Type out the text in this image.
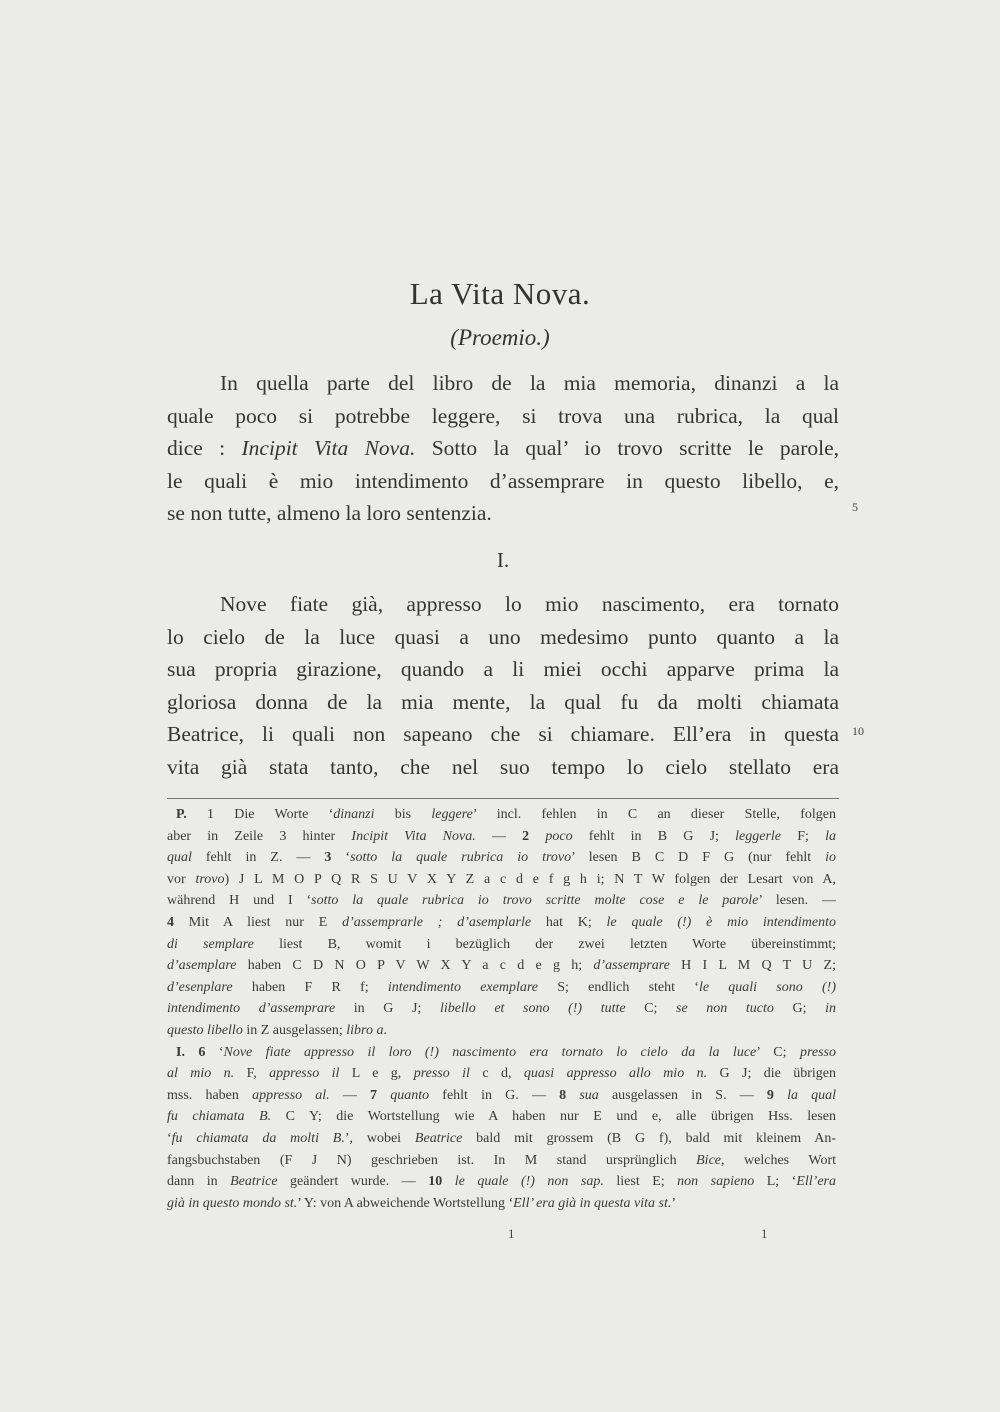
La Vita Nova.
(Proemio.)
In quella parte del libro de la mia memoria, dinanzi a la
quale poco si potrebbe leggere, si trova una rubrica, la qual
dice : Incipit Vita Nova. Sotto la qual’ io trovo scritte le parole,
le quali è mio intendimento d’assemprare in questo libello, e,
se non tutte, almeno la loro sentenzia.	5
I.
Nove fiate già, appresso lo mio nascimento, era tornato
lo cielo de la luce quasi a uno medesimo punto quanto a la
sua propria girazione, quando a li miei occhi apparve prima la
gloriosa donna de la mia mente, la qual fu da molti chiamata
Beatrice, li quali non sapeano che si chiamare. Ell’era in questa
vita già stata tanto, che nel suo tempo lo cielo stellato era
10
P. 1 Die Worte ‘dinanzi bis leggere’ incl. fehlen in C an dieser Stelle, folgen
aber in Zeile 3 hinter Incipit Vita Nova. — 2 poco fehlt in B G J; leggerle F; la
qual fehlt in Z. — 3 ‘sotto la quale rubrica io trovo’ lesen B C D F G (nur fehlt io
vor trovo) J L M O P Q R S U V X Y Z a c d e f g h i; N T W folgen der Lesart von A,
während H und I ‘sotto la quale rubrica io trovo scritte molte cose e le parole’ lesen. —
4 Mit A liest nur E d’assemprarle ; d’asemplarle hat K; le quale (!) è mio intendimento
di semplare liest B, womit i bezüglich der zwei letzten Worte übereinstimmt;
d’asemplare haben C D N O P V W X Y a c d e g h; d’assemprare H I L M Q T U Z;
d’esenplare haben F R f; intendimento exemplare S; endlich steht ‘le quali sono (!)
intendimento d’assemprare in G J; libello et sono (!) tutte C; se non tucto G; in
questo libello in Z ausgelassen; libro a.
I. 6 ‘Nove fiate appresso il loro (!) nascimento era tornato lo cielo da la luce’ C; presso
al mio n. F, appresso il L e g, presso il c d, quasi appresso allo mio n. G J; die übrigen
mss. haben appresso al. — 7 quanto fehlt in G. — 8 sua ausgelassen in S. — 9 la qual
fu chiamata B. C Y; die Wortstellung wie A haben nur E und e, alle übrigen Hss. lesen
‘fu chiamata da molti B.’, wobei Beatrice bald mit grossem (B G f), bald mit kleinem An-
fangsbuchstaben (F J N) geschrieben ist. In M stand ursprünglich Bice, welches Wort
dann in Beatrice geändert wurde. — 10 le quale (!) non sap. liest E; non sapieno L; ‘Ell’era
già in questo mondo st.’ Y: von A abweichende Wortstellung ‘Ell’ era già in questa vita st.’
1	1
